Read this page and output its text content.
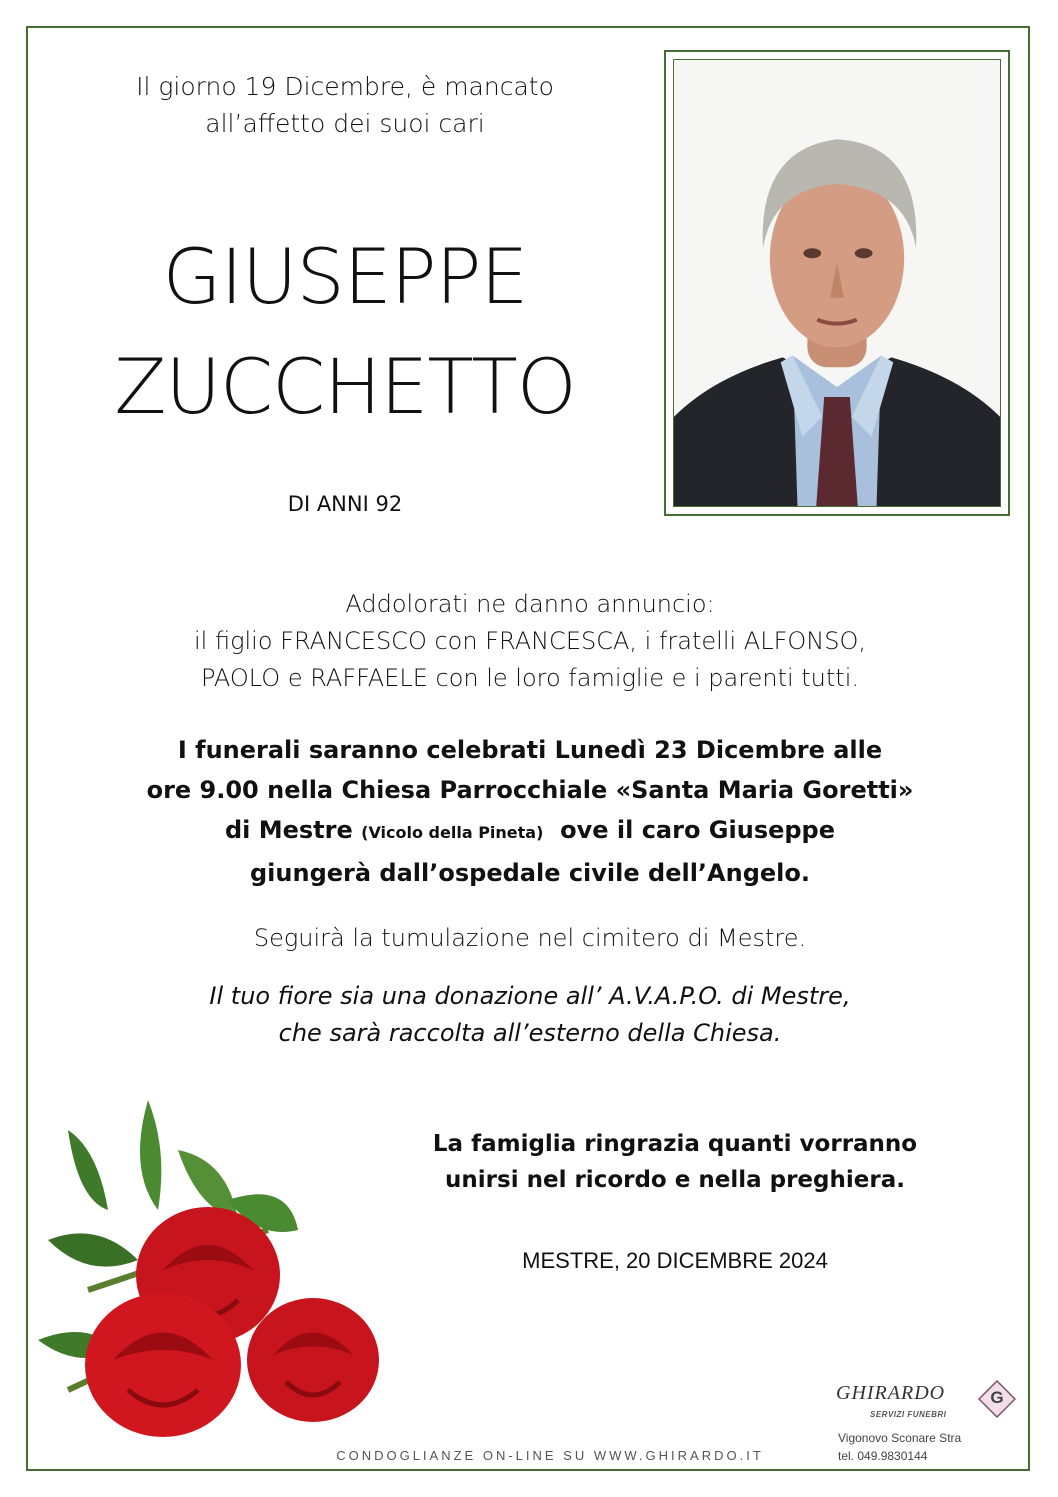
Il giorno 19 Dicembre, è mancato
all’affetto dei suoi cari
GIUSEPPE
ZUCCHETTO
DI ANNI 92
Addolorati ne danno annuncio:
il figlio FRANCESCO con FRANCESCA, i fratelli ALFONSO,
PAOLO e RAFFAELE con le loro famiglie e i parenti tutti.
I funerali saranno celebrati Lunedì 23 Dicembre alle
ore 9.00 nella Chiesa Parrocchiale «Santa Maria Goretti»
di Mestre (Vicolo della Pineta) ove il caro Giuseppe
giungerà dall’ospedale civile dell’Angelo.
Seguirà la tumulazione nel cimitero di Mestre.
Il tuo fiore sia una donazione all’ A.V.A.P.O. di Mestre,
che sarà raccolta all’esterno della Chiesa.
La famiglia ringrazia quanti vorranno
unirsi nel ricordo e nella preghiera.
MESTRE, 20 DICEMBRE 2024
CONDOGLIANZE ON-LINE SU WWW.GHIRARDO.IT
GHIRARDO
SERVIZI FUNEBRI
G
Vigonovo Sconare Stra
tel. 049.9830144
